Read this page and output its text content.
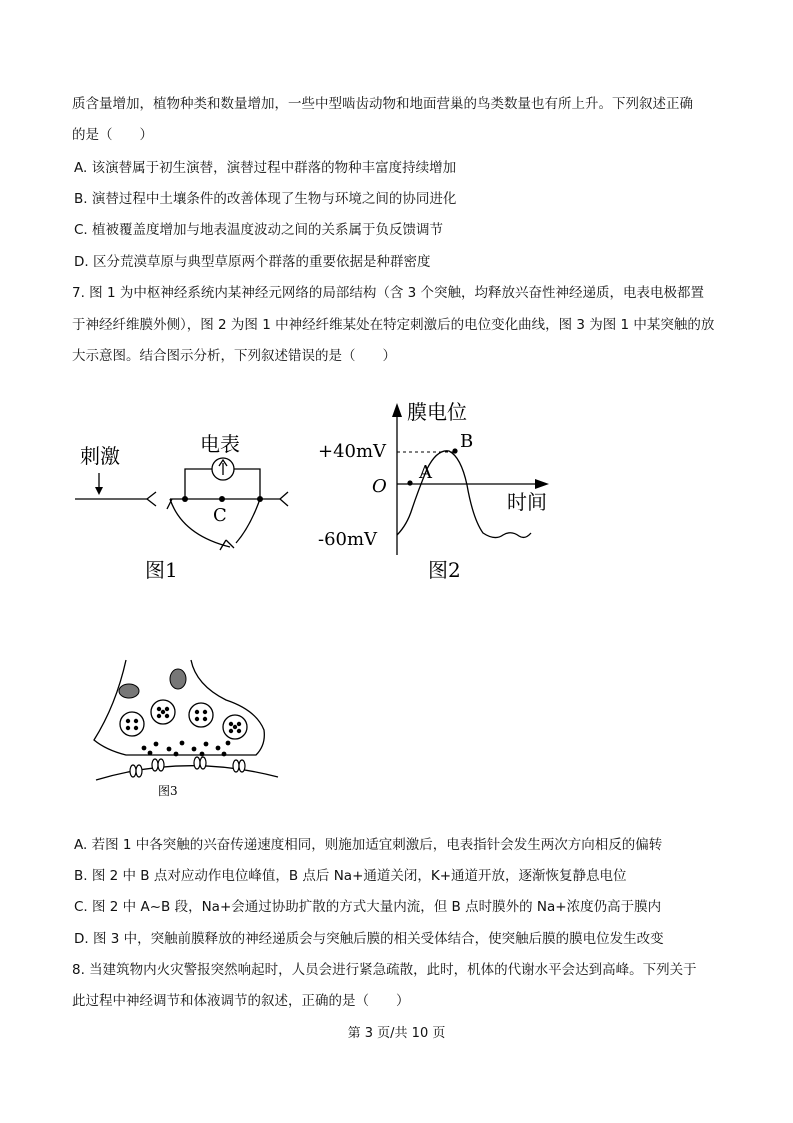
质含量增加，植物种类和数量增加，一些中型啮齿动物和地面营巢的鸟类数量也有所上升。下列叙述正确
的是（　　）
A. 该演替属于初生演替，演替过程中群落的物种丰富度持续增加
B. 演替过程中土壤条件的改善体现了生物与环境之间的协同进化
C. 植被覆盖度增加与地表温度波动之间的关系属于负反馈调节
D. 区分荒漠草原与典型草原两个群落的重要依据是种群密度
7. 图 1 为中枢神经系统内某神经元网络的局部结构（含 3 个突触，均释放兴奋性神经递质，电表电极都置
于神经纤维膜外侧），图 2 为图 1 中神经纤维某处在特定刺激后的电位变化曲线，图 3 为图 1 中某突触的放
大示意图。结合图示分析，下列叙述错误的是（　　）
刺激	电表
C
图1
膜电位
时间
+40mV
O
-60mV
A
B
图2
图3
A. 若图 1 中各突触的兴奋传递速度相同，则施加适宜刺激后，电表指针会发生两次方向相反的偏转
B. 图 2 中 B 点对应动作电位峰值，B 点后 Na+通道关闭，K+通道开放，逐渐恢复静息电位
C. 图 2 中 A~B 段，Na+会通过协助扩散的方式大量内流，但 B 点时膜外的 Na+浓度仍高于膜内
D. 图 3 中，突触前膜释放的神经递质会与突触后膜的相关受体结合，使突触后膜的膜电位发生改变
8. 当建筑物内火灾警报突然响起时，人员会进行紧急疏散，此时，机体的代谢水平会达到高峰。下列关于
此过程中神经调节和体液调节的叙述，正确的是（　　）
第 3 页/共 10 页
